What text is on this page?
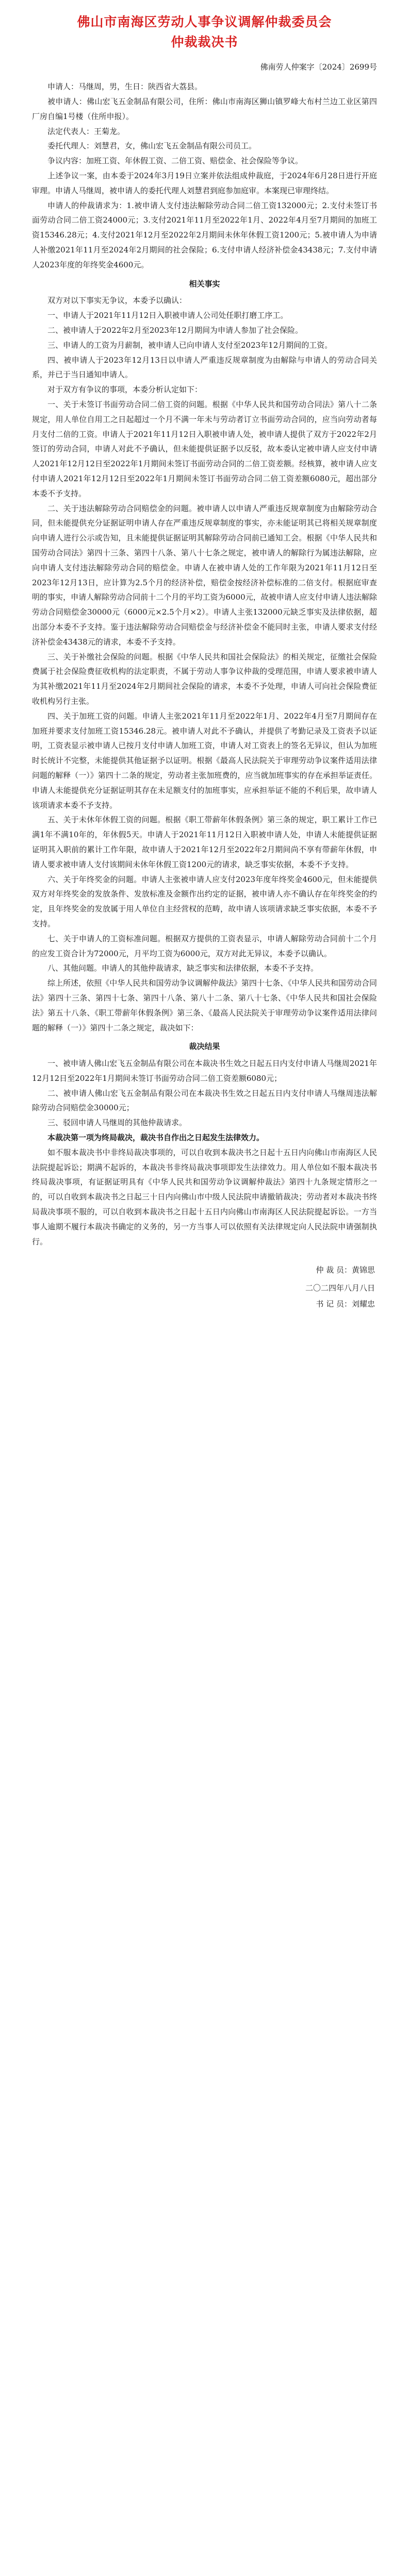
佛山市南海区劳动人事争议调解仲裁委员会
仲裁裁决书
佛南劳人仲案字〔2024〕2699号

申请人：马继周，男，生日：陕西省大荔县。

被申请人：佛山宏飞五金制品有限公司，住所：佛山市南海区狮山镇罗峰大布村兰边工业区第四厂房自编1号楼（住所申报）。

法定代表人：王菊龙。

委托代理人：刘慧君，女，佛山宏飞五金制品有限公司员工。

争议内容：加班工资、年休假工资、二倍工资、赔偿金、社会保险等争议。

上述争议一案，由本委于2024年3月19日立案并依法组成仲裁庭，于2024年6月28日进行开庭审理。申请人马继周，被申请人的委托代理人刘慧君到庭参加庭审。本案现已审理终结。

申请人的仲裁请求为：1.被申请人支付违法解除劳动合同二倍工资132000元；2.支付未签订书面劳动合同二倍工资24000元；3.支付2021年11月至2022年1月、2022年4月至7月期间的加班工资15346.28元；4.支付2021年12月至2022年2月期间未休年休假工资1200元；5.被申请人为申请人补缴2021年11月至2024年2月期间的社会保险；6.支付申请人经济补偿金43438元；7.支付申请人2023年度的年终奖金4600元。

相关事实

双方对以下事实无争议，本委予以确认：

一、申请人于2021年11月12日入职被申请人公司处任职打磨工序工。

二、被申请人于2022年2月至2023年12月期间为申请人参加了社会保险。

三、申请人的工资为月薪制，被申请人已向申请人支付至2023年12月期间的工资。

四、被申请人于2023年12月13日以申请人严重违反规章制度为由解除与申请人的劳动合同关系，并已于当日通知申请人。

对于双方有争议的事项，本委分析认定如下：

一、关于未签订书面劳动合同二倍工资的问题。根据《中华人民共和国劳动合同法》第八十二条规定，用人单位自用工之日起超过一个月不满一年未与劳动者订立书面劳动合同的，应当向劳动者每月支付二倍的工资。申请人于2021年11月12日入职被申请人处，被申请人提供了双方于2022年2月签订的劳动合同，申请人对此不予确认，但未能提供证据予以反驳，故本委认定被申请人应支付申请人2021年12月12日至2022年1月期间未签订书面劳动合同的二倍工资差额。经核算，被申请人应支付申请人2021年12月12日至2022年1月期间未签订书面劳动合同二倍工资差额6080元，超出部分本委不予支持。

二、关于违法解除劳动合同赔偿金的问题。被申请人以申请人严重违反规章制度为由解除劳动合同，但未能提供充分证据证明申请人存在严重违反规章制度的事实，亦未能证明其已将相关规章制度向申请人进行公示或告知，且未能提供证据证明其解除劳动合同前已通知工会。根据《中华人民共和国劳动合同法》第四十三条、第四十八条、第八十七条之规定，被申请人的解除行为属违法解除，应向申请人支付违法解除劳动合同的赔偿金。申请人在被申请人处的工作年限为2021年11月12日至2023年12月13日，应计算为2.5个月的经济补偿，赔偿金按经济补偿标准的二倍支付。根据庭审查明的事实，申请人解除劳动合同前十二个月的平均工资为6000元，故被申请人应支付申请人违法解除劳动合同赔偿金30000元（6000元×2.5个月×2）。申请人主张132000元缺乏事实及法律依据，超出部分本委不予支持。鉴于违法解除劳动合同赔偿金与经济补偿金不能同时主张，申请人要求支付经济补偿金43438元的请求，本委不予支持。

三、关于补缴社会保险的问题。根据《中华人民共和国社会保险法》的相关规定，征缴社会保险费属于社会保险费征收机构的法定职责，不属于劳动人事争议仲裁的受理范围，申请人要求被申请人为其补缴2021年11月至2024年2月期间社会保险的请求，本委不予处理，申请人可向社会保险费征收机构另行主张。

四、关于加班工资的问题。申请人主张2021年11月至2022年1月、2022年4月至7月期间存在加班并要求支付加班工资15346.28元。被申请人对此不予确认，并提供了考勤记录及工资表予以证明，工资表显示被申请人已按月支付申请人加班工资，申请人对工资表上的签名无异议，但认为加班时长统计不完整，未能提供其他证据予以证明。根据《最高人民法院关于审理劳动争议案件适用法律问题的解释（一）》第四十二条的规定，劳动者主张加班费的，应当就加班事实的存在承担举证责任。申请人未能提供充分证据证明其存在未足额支付的加班事实，应承担举证不能的不利后果，故申请人该项请求本委不予支持。

五、关于未休年休假工资的问题。根据《职工带薪年休假条例》第三条的规定，职工累计工作已满1年不满10年的，年休假5天。申请人于2021年11月12日入职被申请人处，申请人未能提供证据证明其入职前的累计工作年限，故申请人于2021年12月至2022年2月期间尚不享有带薪年休假，申请人要求被申请人支付该期间未休年休假工资1200元的请求，缺乏事实依据，本委不予支持。

六、关于年终奖金的问题。申请人主张被申请人应支付2023年度年终奖金4600元，但未能提供双方对年终奖金的发放条件、发放标准及金额作出约定的证据，被申请人亦不确认存在年终奖金的约定，且年终奖金的发放属于用人单位自主经营权的范畴，故申请人该项请求缺乏事实依据，本委不予支持。

七、关于申请人的工资标准问题。根据双方提供的工资表显示，申请人解除劳动合同前十二个月的应发工资合计为72000元，月平均工资为6000元，双方对此无异议，本委予以确认。

八、其他问题。申请人的其他仲裁请求，缺乏事实和法律依据，本委不予支持。

综上所述，依照《中华人民共和国劳动争议调解仲裁法》第四十七条、《中华人民共和国劳动合同法》第四十三条、第四十七条、第四十八条、第八十二条、第八十七条、《中华人民共和国社会保险法》第五十八条、《职工带薪年休假条例》第三条、《最高人民法院关于审理劳动争议案件适用法律问题的解释（一）》第四十二条之规定，裁决如下：

裁决结果

一、被申请人佛山宏飞五金制品有限公司在本裁决书生效之日起五日内支付申请人马继周2021年12月12日至2022年1月期间未签订书面劳动合同二倍工资差额6080元；

二、被申请人佛山宏飞五金制品有限公司在本裁决书生效之日起五日内支付申请人马继周违法解除劳动合同赔偿金30000元；

三、驳回申请人马继周的其他仲裁请求。

本裁决第一项为终局裁决，裁决书自作出之日起发生法律效力。

如不服本裁决书中非终局裁决事项的，可以自收到本裁决书之日起十五日内向佛山市南海区人民法院提起诉讼；期满不起诉的，本裁决书非终局裁决事项即发生法律效力。用人单位如不服本裁决书终局裁决事项，有证据证明具有《中华人民共和国劳动争议调解仲裁法》第四十九条规定情形之一的，可以自收到本裁决书之日起三十日内向佛山市中级人民法院申请撤销裁决；劳动者对本裁决书终局裁决事项不服的，可以自收到本裁决书之日起十五日内向佛山市南海区人民法院提起诉讼。一方当事人逾期不履行本裁决书确定的义务的，另一方当事人可以依照有关法律规定向人民法院申请强制执行。

仲 裁 员：黄锦思
二〇二四年八月八日
书 记 员：刘耀忠
